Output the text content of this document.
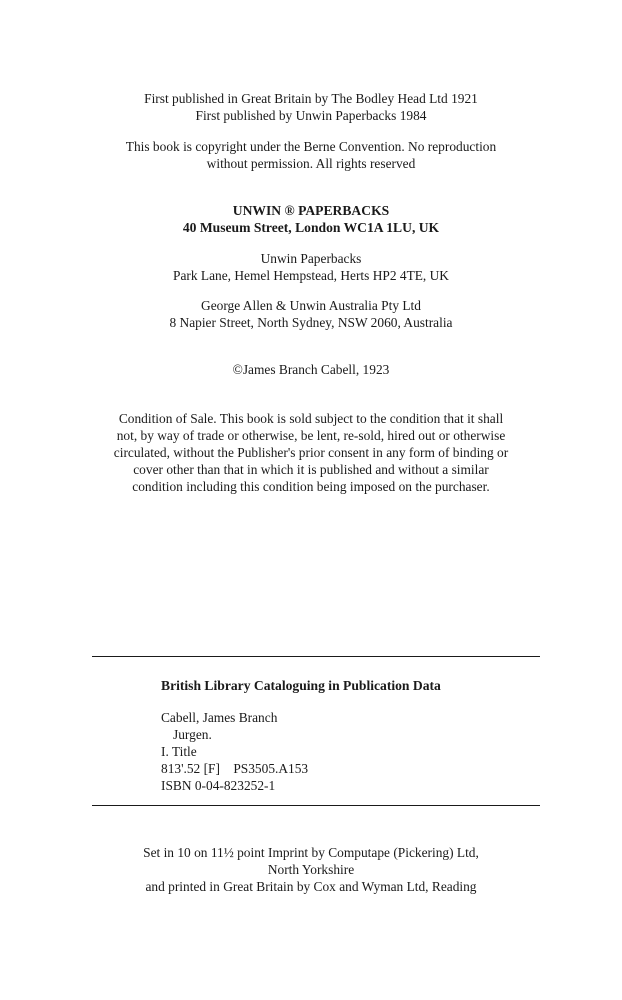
First published in Great Britain by The Bodley Head Ltd 1921
First published by Unwin Paperbacks 1984
This book is copyright under the Berne Convention. No reproduction
without permission. All rights reserved
UNWIN ® PAPERBACKS
40 Museum Street, London WC1A 1LU, UK
Unwin Paperbacks
Park Lane, Hemel Hempstead, Herts HP2 4TE, UK
George Allen & Unwin Australia Pty Ltd
8 Napier Street, North Sydney, NSW 2060, Australia
©James Branch Cabell, 1923
Condition of Sale. This book is sold subject to the condition that it shall
not, by way of trade or otherwise, be lent, re-sold, hired out or otherwise
circulated, without the Publisher's prior consent in any form of binding or
cover other than that in which it is published and without a similar
condition including this condition being imposed on the purchaser.
British Library Cataloguing in Publication Data
Cabell, James Branch
Jurgen.
I. Title
813'.52 [F]    PS3505.A153
ISBN 0-04-823252-1
Set in 10 on 11½ point Imprint by Computape (Pickering) Ltd,
North Yorkshire
and printed in Great Britain by Cox and Wyman Ltd, Reading
